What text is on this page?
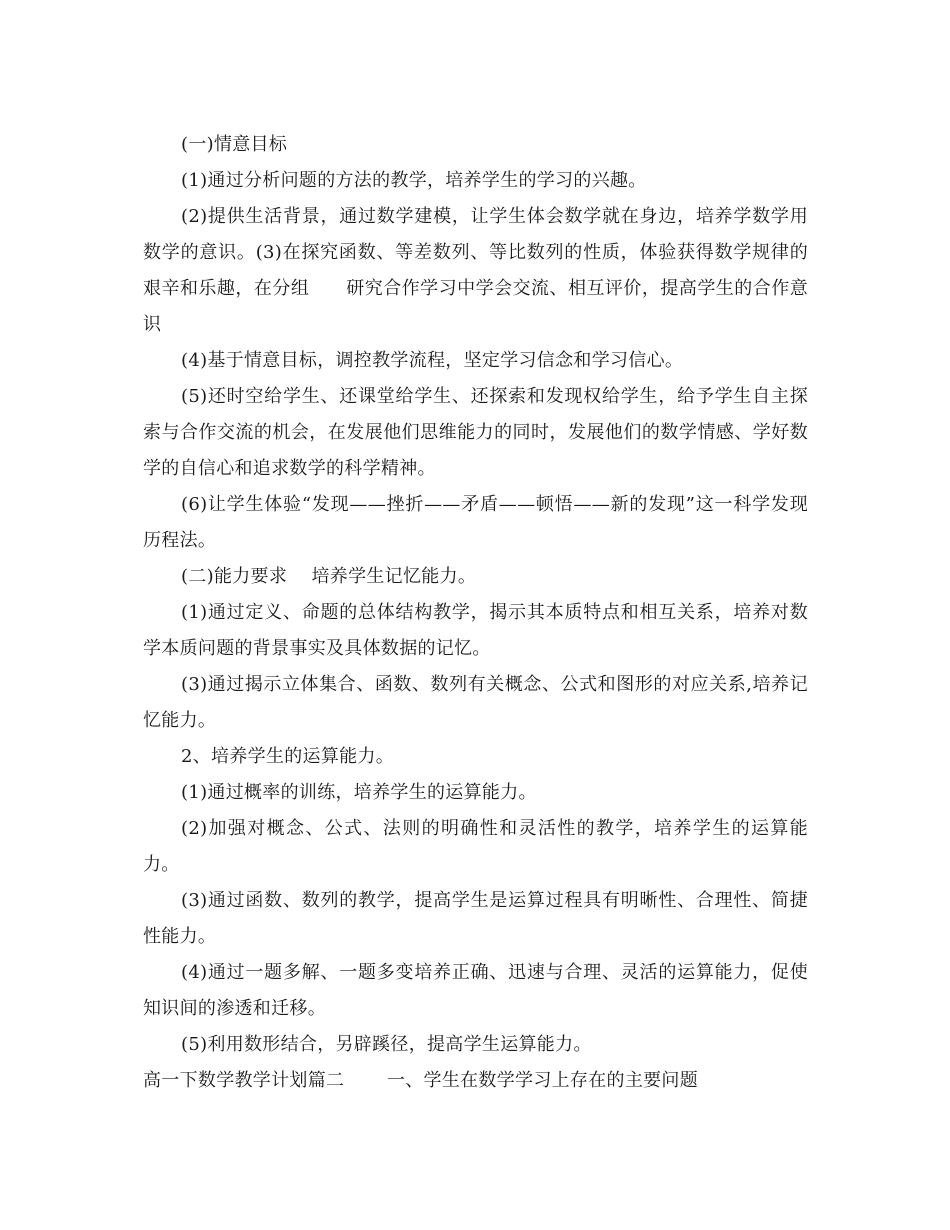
(一)情意目标

(1)通过分析问题的方法的教学，培养学生的学习的兴趣。

(2)提供生活背景，通过数学建模，让学生体会数学就在身边，培养学数学用数学的意识。(3)在探究函数、等差数列、等比数列的性质，体验获得数学规律的艰辛和乐趣，在分组　　研究合作学习中学会交流、相互评价，提高学生的合作意识

(4)基于情意目标，调控教学流程，坚定学习信念和学习信心。

(5)还时空给学生、还课堂给学生、还探索和发现权给学生，给予学生自主探索与合作交流的机会，在发展他们思维能力的同时，发展他们的数学情感、学好数学的自信心和追求数学的科学精神。

(6)让学生体验“发现——挫折——矛盾——顿悟——新的发现”这一科学发现历程法。

(二)能力要求　 培养学生记忆能力。

(1)通过定义、命题的总体结构教学，揭示其本质特点和相互关系，培养对数学本质问题的背景事实及具体数据的记忆。

(3)通过揭示立体集合、函数、数列有关概念、公式和图形的对应关系,培养记忆能力。

2、培养学生的运算能力。

(1)通过概率的训练，培养学生的运算能力。

(2)加强对概念、公式、法则的明确性和灵活性的教学，培养学生的运算能力。

(3)通过函数、数列的教学，提高学生是运算过程具有明晰性、合理性、简捷性能力。

(4)通过一题多解、一题多变培养正确、迅速与合理、灵活的运算能力，促使知识间的渗透和迁移。

(5)利用数形结合，另辟蹊径，提高学生运算能力。

高一下数学教学计划篇二　　 一、学生在数学学习上存在的主要问题
